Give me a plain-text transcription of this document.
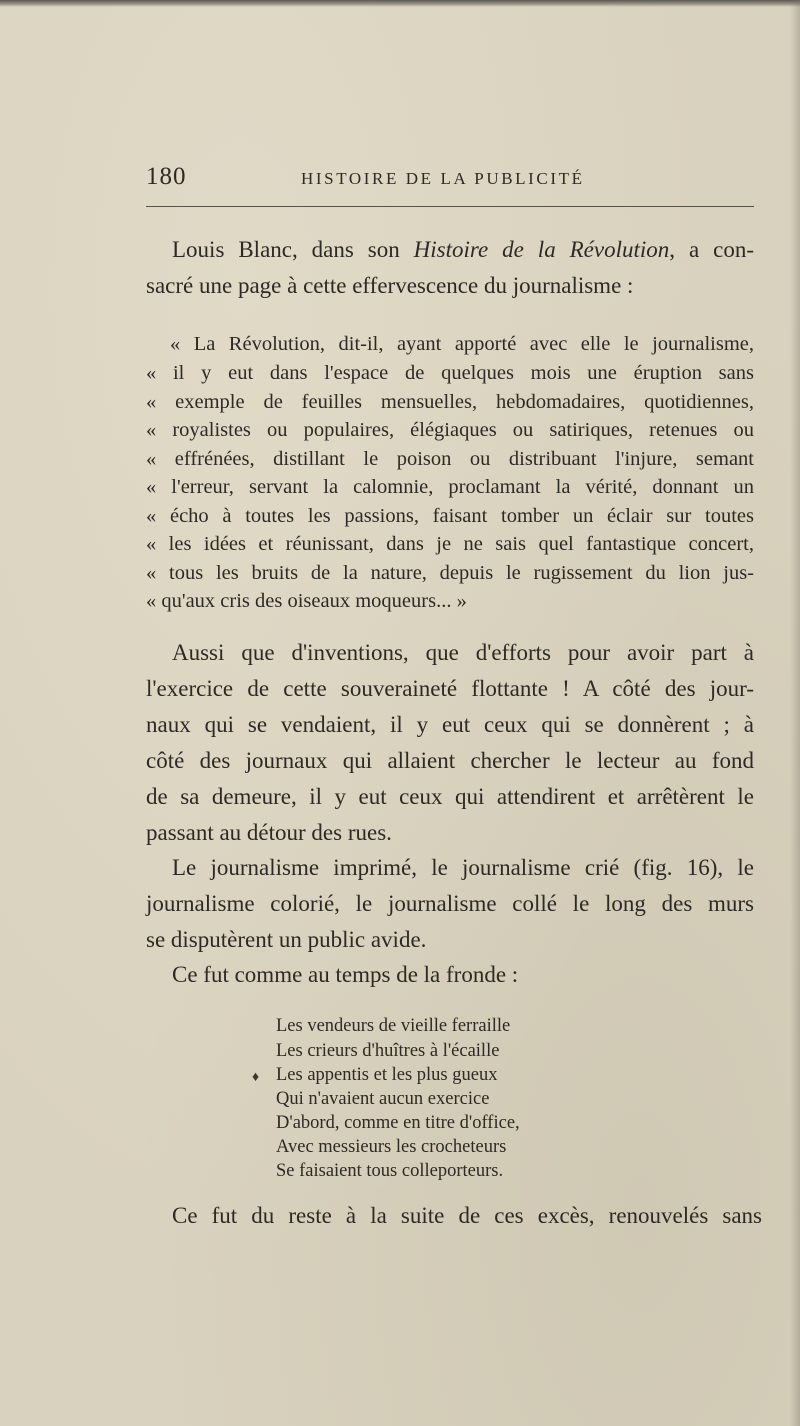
180	HISTOIRE DE LA PUBLICITÉ
Louis Blanc, dans son Histoire de la Révolution, a con-
sacré une page à cette effervescence du journalisme :
« La Révolution, dit-il, ayant apporté avec elle le journalisme,
« il y eut dans l'espace de quelques mois une éruption sans
« exemple de feuilles mensuelles, hebdomadaires, quotidiennes,
« royalistes ou populaires, élégiaques ou satiriques, retenues ou
« effrénées, distillant le poison ou distribuant l'injure, semant
« l'erreur, servant la calomnie, proclamant la vérité, donnant un
« écho à toutes les passions, faisant tomber un éclair sur toutes
« les idées et réunissant, dans je ne sais quel fantastique concert,
« tous les bruits de la nature, depuis le rugissement du lion jus-
« qu'aux cris des oiseaux moqueurs... »
Aussi que d'inventions, que d'efforts pour avoir part à
l'exercice de cette souveraineté flottante ! A côté des jour-
naux qui se vendaient, il y eut ceux qui se donnèrent ; à
côté des journaux qui allaient chercher le lecteur au fond
de sa demeure, il y eut ceux qui attendirent et arrêtèrent le
passant au détour des rues.
Le journalisme imprimé, le journalisme crié (fig. 16), le
journalisme colorié, le journalisme collé le long des murs
se disputèrent un public avide.
Ce fut comme au temps de la fronde :
Les vendeurs de vieille ferraille
Les crieurs d'huîtres à l'écaille
Les appentis et les plus gueux
Qui n'avaient aucun exercice
D'abord, comme en titre d'office,
Avec messieurs les crocheteurs
Se faisaient tous colleporteurs.
♦
Ce fut du reste à la suite de ces excès, renouvelés sans
